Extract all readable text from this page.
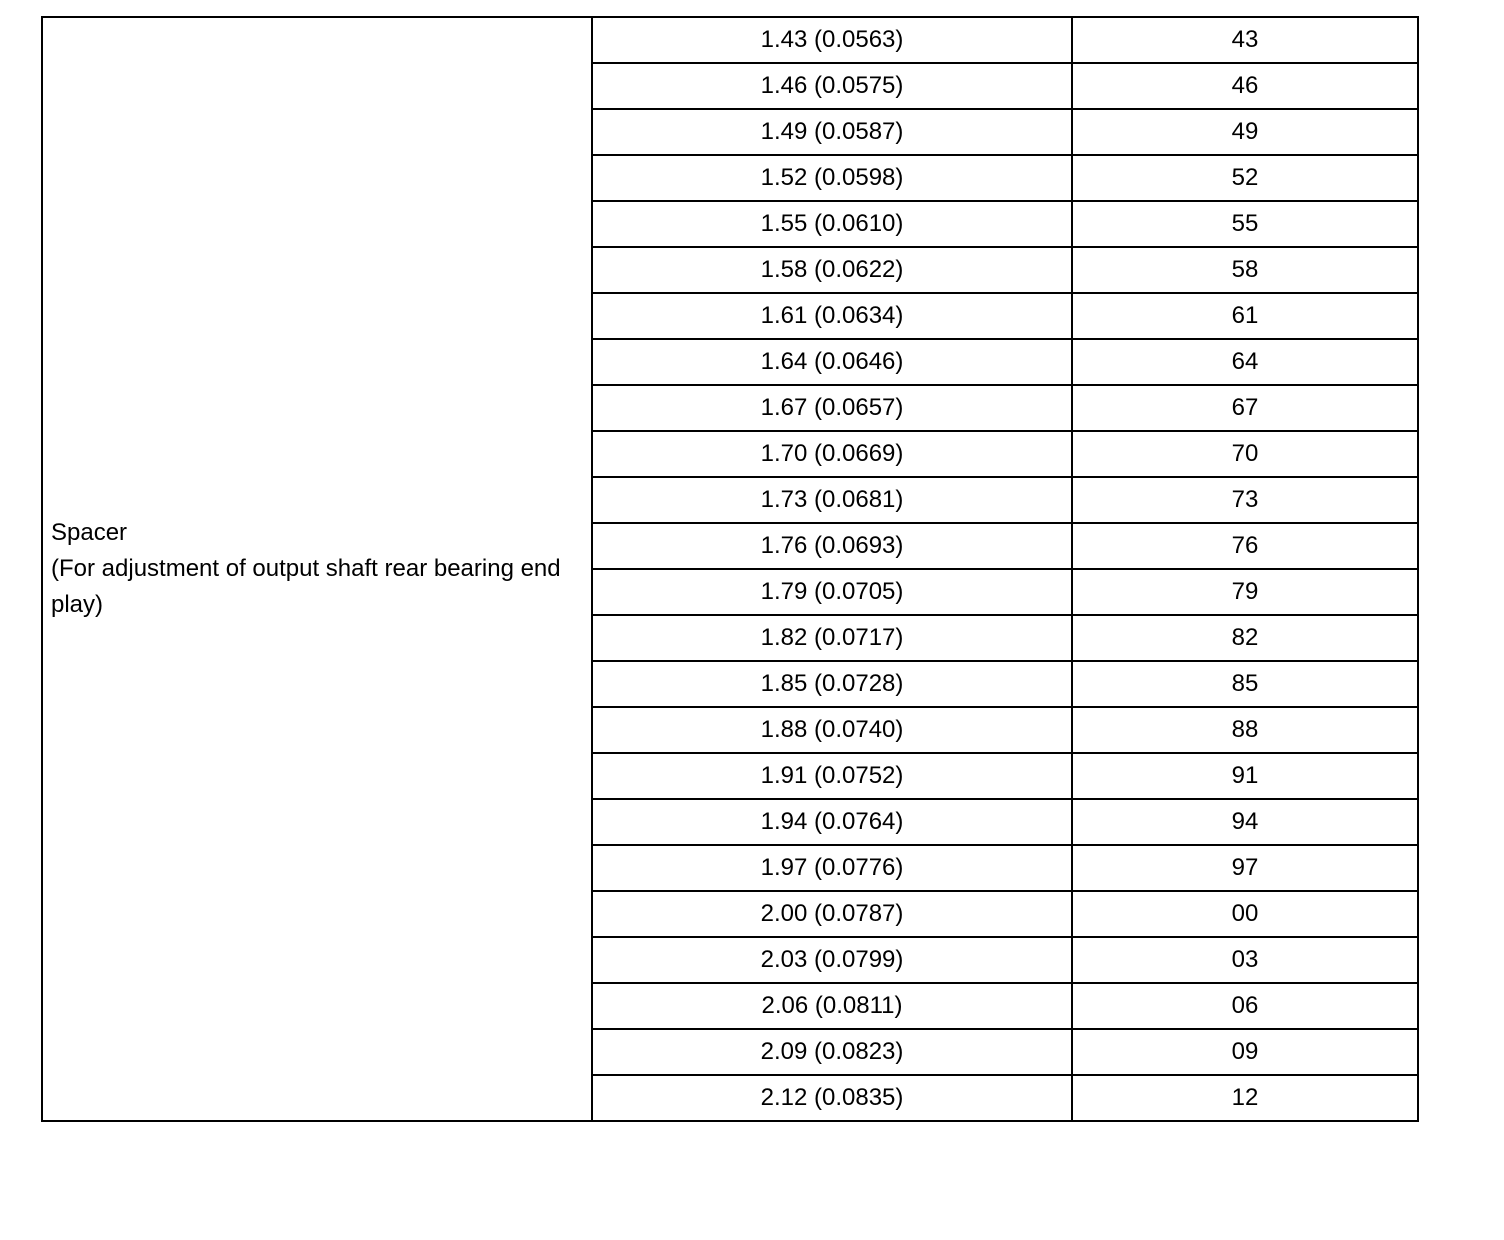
Spacer
(For adjustment of output shaft rear bearing end play)	1.43 (0.0563)	43
	1.46 (0.0575)	46
	1.49 (0.0587)	49
	1.52 (0.0598)	52
	1.55 (0.0610)	55
	1.58 (0.0622)	58
	1.61 (0.0634)	61
	1.64 (0.0646)	64
	1.67 (0.0657)	67
	1.70 (0.0669)	70
	1.73 (0.0681)	73
	1.76 (0.0693)	76
	1.79 (0.0705)	79
	1.82 (0.0717)	82
	1.85 (0.0728)	85
	1.88 (0.0740)	88
	1.91 (0.0752)	91
	1.94 (0.0764)	94
	1.97 (0.0776)	97
	2.00 (0.0787)	00
	2.03 (0.0799)	03
	2.06 (0.0811)	06
	2.09 (0.0823)	09
	2.12 (0.0835)	12
